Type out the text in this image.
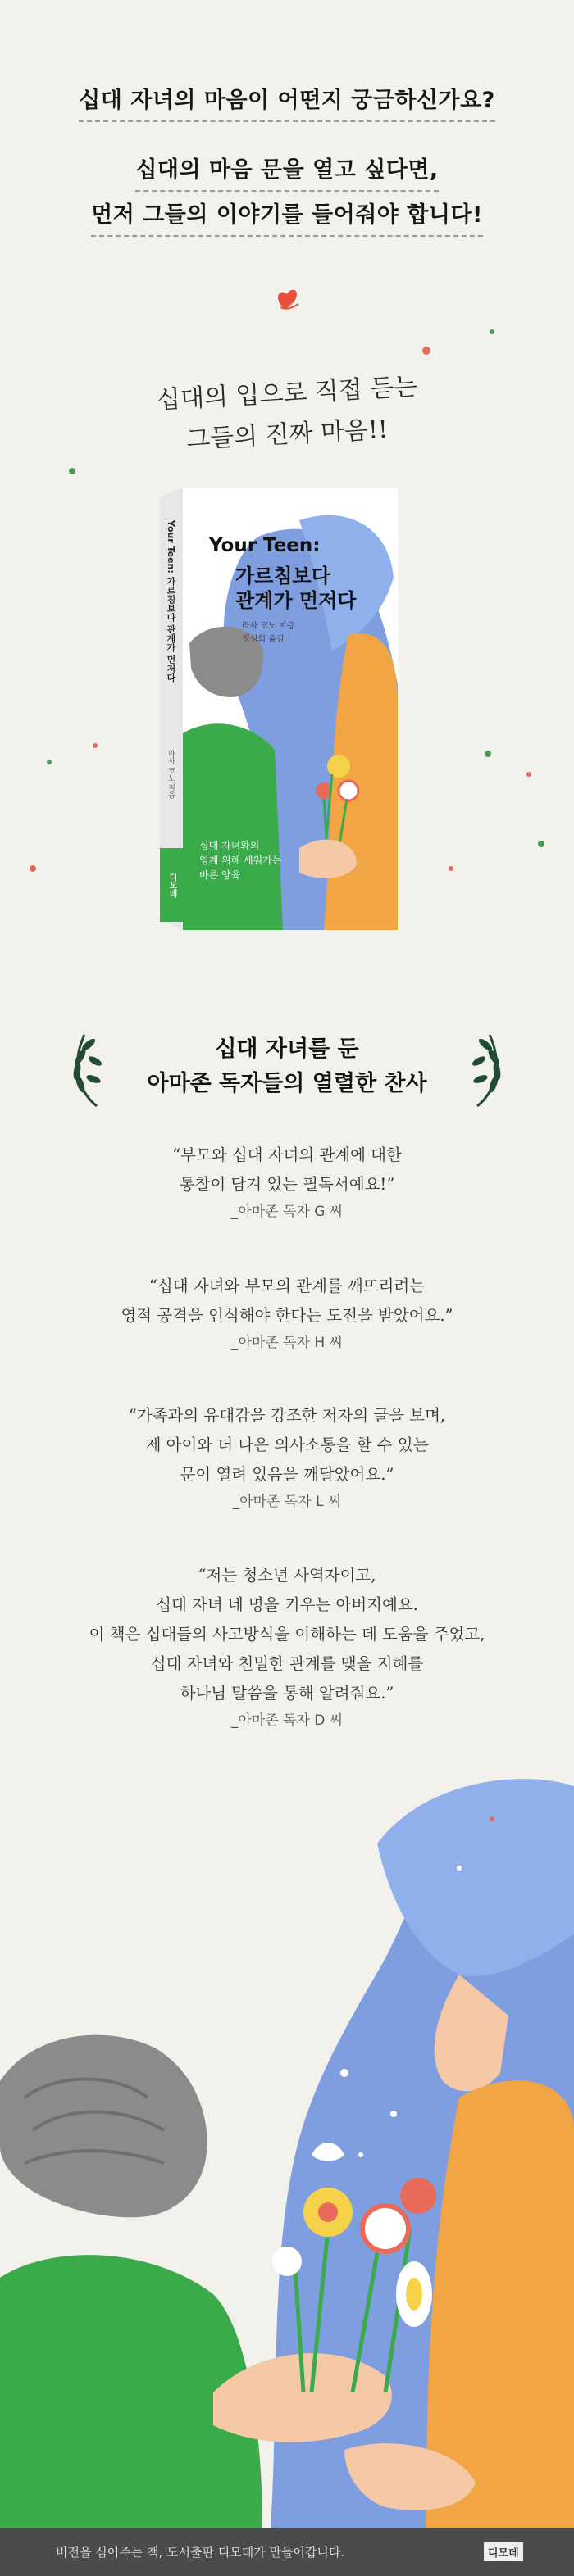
십대 자녀의 마음이 어떤지 궁금하신가요?
십대의 마음 문을 열고 싶다면,
먼저 그들의 이야기를 들어줘야 합니다!
십대의 입으로 직접 듣는
그들의 진짜 마음!!
Your Teen:
가르침보다
관계가 먼저다
라사 코노 지음
정성희 옮김
십대 자녀와의
영계 위해 세워가는
바른 양육
Your Teen: 가르침보다 관계가 먼저다
라사 코노 지음
디모데
십대 자녀를 둔
아마존 독자들의 열렬한 찬사
“부모와 십대 자녀의 관계에 대한
통찰이 담겨 있는 필독서예요!”
_아마존 독자 G 씨
“십대 자녀와 부모의 관계를 깨뜨리려는
영적 공격을 인식해야 한다는 도전을 받았어요.”
_아마존 독자 H 씨
“가족과의 유대감을 강조한 저자의 글을 보며,
제 아이와 더 나은 의사소통을 할 수 있는
문이 열려 있음을 깨달았어요.”
_아마존 독자 L 씨
“저는 청소년 사역자이고,
십대 자녀 네 명을 키우는 아버지예요.
이 책은 십대들의 사고방식을 이해하는 데 도움을 주었고,
십대 자녀와 친밀한 관계를 맺을 지혜를
하나님 말씀을 통해 알려줘요.”
_아마존 독자 D 씨
비전을 심어주는 책, 도서출판 디모데가 만들어갑니다.	디모데
